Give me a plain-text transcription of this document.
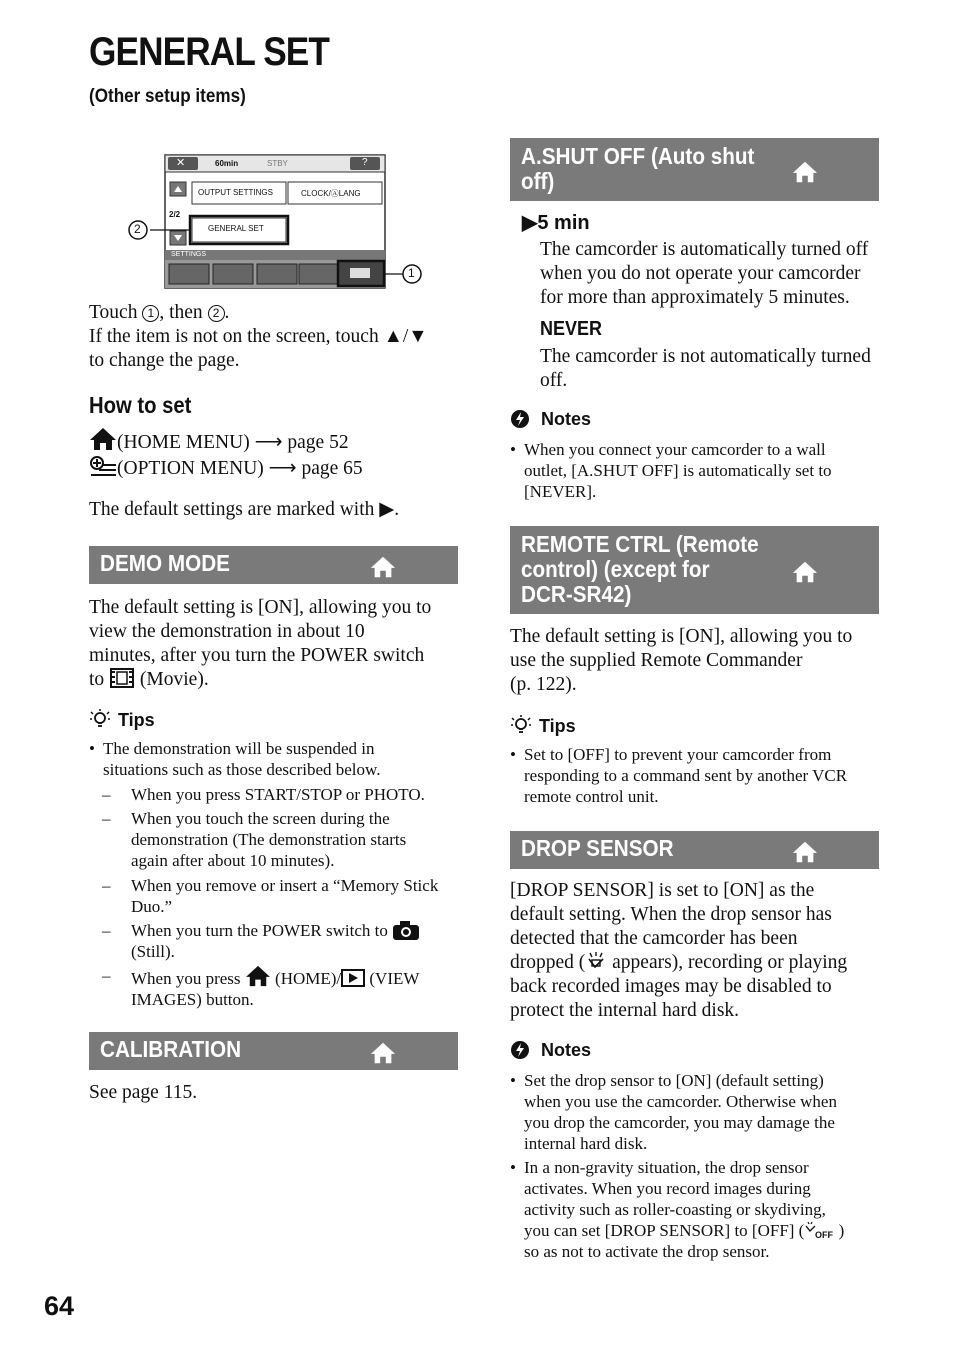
GENERAL SET
(Other setup items)
✕	60min	STBY	?
OUTPUT SETTINGS	CLOCK/ⒶLANG
2/2
GENERAL SET
SETTINGS
2
1
Touch 1 , then 2 .
If the item is not on the screen, touch ▲/▼
to change the page.
How to set
(HOME MENU) ⟶ page 52
(OPTION MENU) ⟶ page 65
The default settings are marked with ▶.
DEMO MODE
The default setting is [ON], allowing you to
view the demonstration in about 10
minutes, after you turn the POWER switch
to (Movie).
Tips
• The demonstration will be suspended in
situations such as those described below.
– When you press START/STOP or PHOTO.
– When you touch the screen during the
demonstration (The demonstration starts
again after about 10 minutes).
– When you remove or insert a “Memory Stick
Duo.”
– When you turn the POWER switch to
(Still).
– When you press (HOME)/ (VIEW
IMAGES) button.
CALIBRATION
See page 115.
A.SHUT OFF (Auto shut
off)
▶5 min
The camcorder is automatically turned off
when you do not operate your camcorder
for more than approximately 5 minutes.
NEVER
The camcorder is not automatically turned
off.
Notes
• When you connect your camcorder to a wall
outlet, [A.SHUT OFF] is automatically set to
[NEVER].
REMOTE CTRL (Remote
control) (except for
DCR-SR42)
The default setting is [ON], allowing you to
use the supplied Remote Commander
(p. 122).
Tips
• Set to [OFF] to prevent your camcorder from
responding to a command sent by another VCR
remote control unit.
DROP SENSOR
[DROP SENSOR] is set to [ON] as the
default setting. When the drop sensor has
detected that the camcorder has been
dropped ( appears), recording or playing
back recorded images may be disabled to
protect the internal hard disk.
Notes
• Set the drop sensor to [ON] (default setting)
when you use the camcorder. Otherwise when
you drop the camcorder, you may damage the
internal hard disk.
• In a non-gravity situation, the drop sensor
activates. When you record images during
activity such as roller-coasting or skydiving,
you can set [DROP SENSOR] to [OFF] ( OFF )
so as not to activate the drop sensor.
64
